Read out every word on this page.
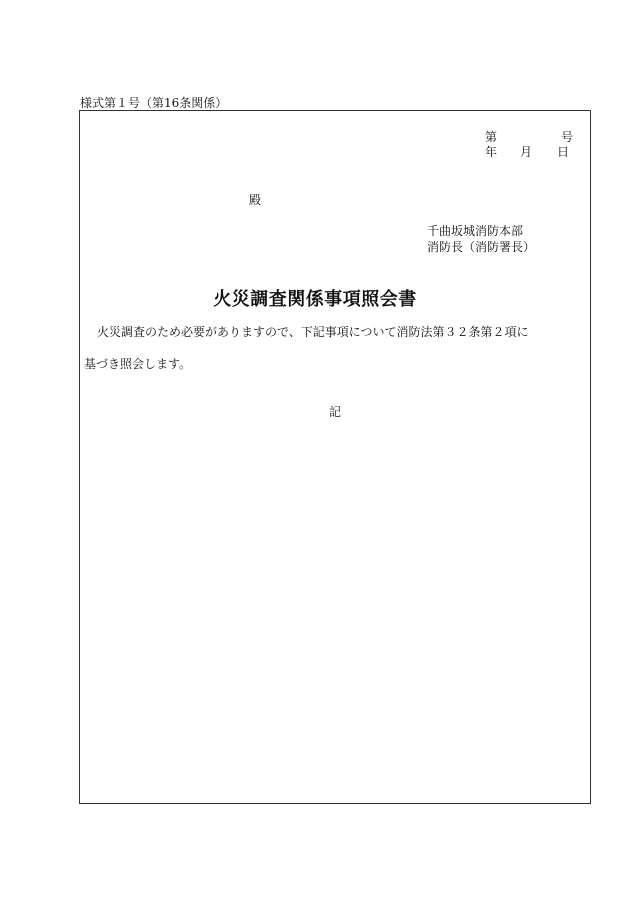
様式第１号（第16条関係）
第	号
年 月 日
殿
千曲坂城消防本部
消防長（消防署長）
火災調査関係事項照会書
火災調査のため必要がありますので、下記事項について消防法第３２条第２項に
基づき照会します。
記
